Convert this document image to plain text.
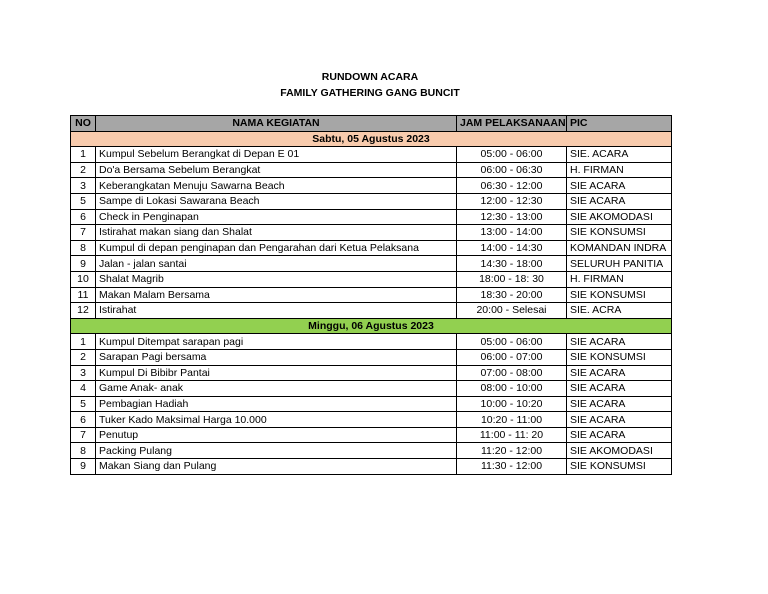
RUNDOWN ACARA
FAMILY GATHERING GANG BUNCIT
NO	NAMA KEGIATAN	JAM PELAKSANAAN	PIC
Sabtu, 05 Agustus 2023			
1	Kumpul Sebelum Berangkat di Depan E 01	05:00 - 06:00	SIE. ACARA
2	Do'a Bersama Sebelum Berangkat	06:00 - 06:30	H. FIRMAN
3	Keberangkatan Menuju Sawarna Beach	06:30 - 12:00	SIE ACARA
5	Sampe di Lokasi Sawarana Beach	12:00 - 12:30	SIE ACARA
6	Check in Penginapan	12:30 - 13:00	SIE AKOMODASI
7	Istirahat makan siang dan Shalat	13:00 - 14:00	SIE KONSUMSI
8	Kumpul di depan penginapan dan Pengarahan dari Ketua Pelaksana	14:00 - 14:30	KOMANDAN INDRA
9	Jalan - jalan santai	14:30 - 18:00	SELURUH PANITIA
10	Shalat Magrib	18:00 - 18: 30	H. FIRMAN
11	Makan Malam Bersama	18:30 - 20:00	SIE KONSUMSI
12	Istirahat	20:00 - Selesai	SIE. ACRA
Minggu, 06 Agustus 2023			
1	Kumpul Ditempat sarapan pagi	05:00 - 06:00	SIE ACARA
2	Sarapan Pagi bersama	06:00 - 07:00	SIE KONSUMSI
3	Kumpul Di Bibibr Pantai	07:00 - 08:00	SIE ACARA
4	Game Anak- anak	08:00 - 10:00	SIE ACARA
5	Pembagian Hadiah	10:00 - 10:20	SIE ACARA
6	Tuker Kado Maksimal Harga 10.000	10:20 - 11:00	SIE ACARA
7	Penutup	11:00 - 11: 20	SIE ACARA
8	Packing Pulang	11:20 - 12:00	SIE AKOMODASI
9	Makan Siang dan Pulang	11:30 - 12:00	SIE KONSUMSI
